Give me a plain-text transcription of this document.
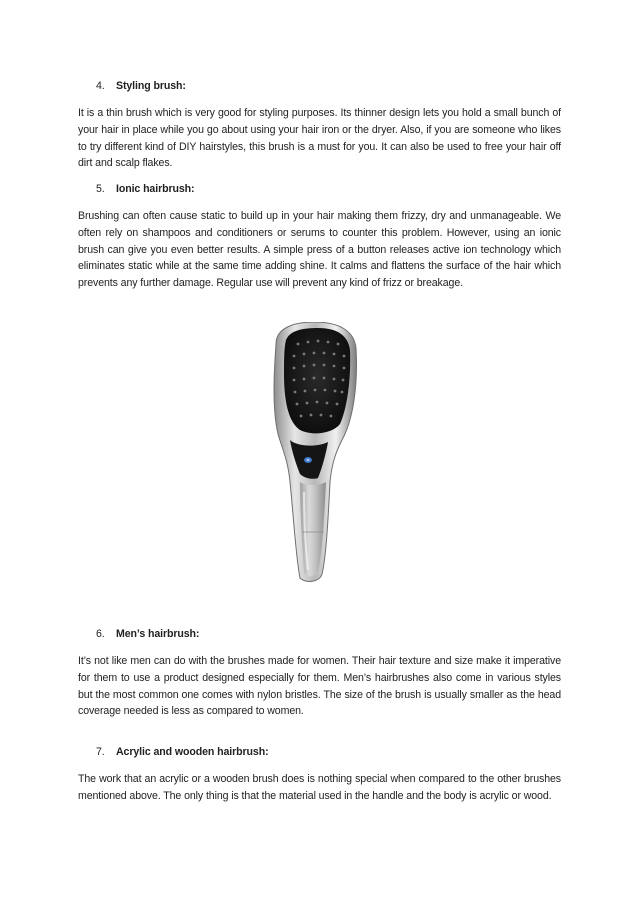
4. Styling brush:
It is a thin brush which is very good for styling purposes. Its thinner design lets you hold a small bunch of your hair in place while you go about using your hair iron or the dryer. Also, if you are someone who likes to try different kind of DIY hairstyles, this brush is a must for you. It can also be used to free your hair off dirt and scalp flakes.
5. Ionic hairbrush:
Brushing can often cause static to build up in your hair making them frizzy, dry and unmanageable. We often rely on shampoos and conditioners or serums to counter this problem. However, using an ionic brush can give you even better results. A simple press of a button releases active ion technology which eliminates static while at the same time adding shine. It calms and flattens the surface of the hair which prevents any further damage. Regular use will prevent any kind of frizz or breakage.
6. Men’s hairbrush:
It’s not like men can do with the brushes made for women. Their hair texture and size make it imperative for them to use a product designed especially for them. Men’s hairbrushes also come in various styles but the most common one comes with nylon bristles. The size of the brush is usually smaller as the head coverage needed is less as compared to women.
7. Acrylic and wooden hairbrush:
The work that an acrylic or a wooden brush does is nothing special when compared to the other brushes mentioned above. The only thing is that the material used in the handle and the body is acrylic or wood.
